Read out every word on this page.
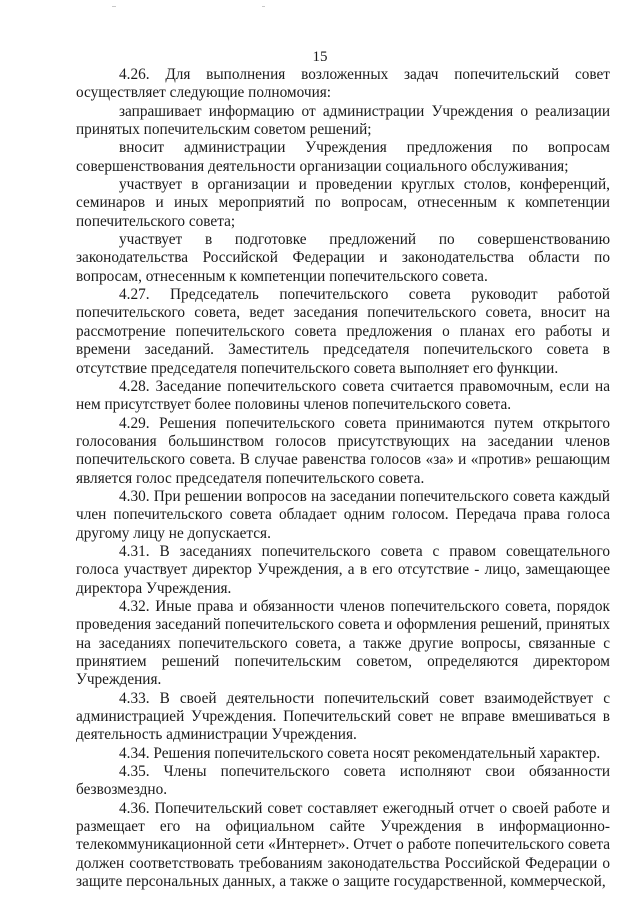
15

4.26. Для выполнения возложенных задач попечительский совет осуществляет следующие полномочия:

запрашивает информацию от администрации Учреждения о реализации принятых попечительским советом решений;

вносит администрации Учреждения предложения по вопросам совершенствования деятельности организации социального обслуживания;

участвует в организации и проведении круглых столов, конференций, семинаров и иных мероприятий по вопросам, отнесенным к компетенции попечительского совета;

участвует в подготовке предложений по совершенствованию законодательства Российской Федерации и законодательства области по вопросам, отнесенным к компетенции попечительского совета.

4.27. Председатель попечительского совета руководит работой попечительского совета, ведет заседания попечительского совета, вносит на рассмотрение попечительского совета предложения о планах его работы и времени заседаний. Заместитель председателя попечительского совета в отсутствие председателя попечительского совета выполняет его функции.

4.28. Заседание попечительского совета считается правомочным, если на нем присутствует более половины членов попечительского совета.

4.29. Решения попечительского совета принимаются путем открытого голосования большинством голосов присутствующих на заседании членов попечительского совета. В случае равенства голосов «за» и «против» решающим является голос председателя попечительского совета.

4.30. При решении вопросов на заседании попечительского совета каждый член попечительского совета обладает одним голосом. Передача права голоса другому лицу не допускается.

4.31. В заседаниях попечительского совета с правом совещательного голоса участвует директор Учреждения, а в его отсутствие - лицо, замещающее директора Учреждения.

4.32. Иные права и обязанности членов попечительского совета, порядок проведения заседаний попечительского совета и оформления решений, принятых на заседаниях попечительского совета, а также другие вопросы, связанные с принятием решений попечительским советом, определяются директором Учреждения.

4.33. В своей деятельности попечительский совет взаимодействует с администрацией Учреждения. Попечительский совет не вправе вмешиваться в деятельность администрации Учреждения.

4.34. Решения попечительского совета носят рекомендательный характер.

4.35. Члены попечительского совета исполняют свои обязанности безвозмездно.

4.36. Попечительский совет составляет ежегодный отчет о своей работе и размещает его на официальном сайте Учреждения в информационно-телекоммуникационной сети «Интернет». Отчет о работе попечительского совета должен соответствовать требованиям законодательства Российской Федерации о защите персональных данных, а также о защите государственной, коммерческой,
